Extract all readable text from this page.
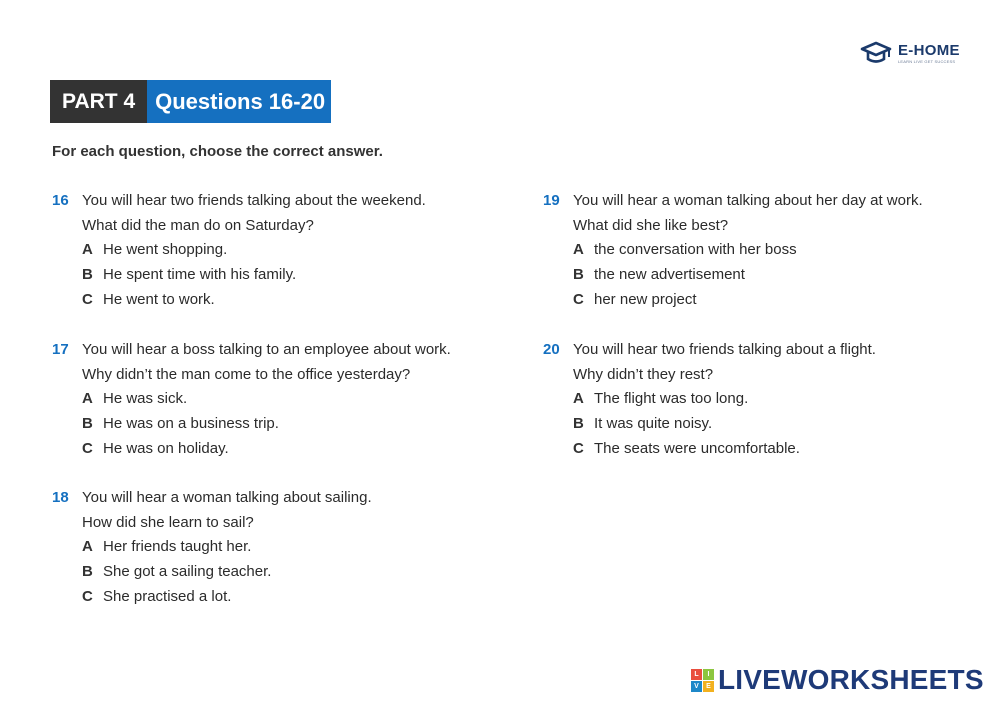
E-HOME
LEARN LIVE GET SUCCESS
PART 4 Questions 16-20
For each question, choose the correct answer.
16 You will hear two friends talking about the weekend.
What did the man do on Saturday?
A He went shopping.
B He spent time with his family.
C He went to work.
17 You will hear a boss talking to an employee about work.
Why didn’t the man come to the office yesterday?
A He was sick.
B He was on a business trip.
C He was on holiday.
18 You will hear a woman talking about sailing.
How did she learn to sail?
A Her friends taught her.
B She got a sailing teacher.
C She practised a lot.
19 You will hear a woman talking about her day at work.
What did she like best?
A the conversation with her boss
B the new advertisement
C her new project
20 You will hear two friends talking about a flight.
Why didn’t they rest?
A The flight was too long.
B It was quite noisy.
C The seats were uncomfortable.
L	I
V	E LIVEWORKSHEETS
